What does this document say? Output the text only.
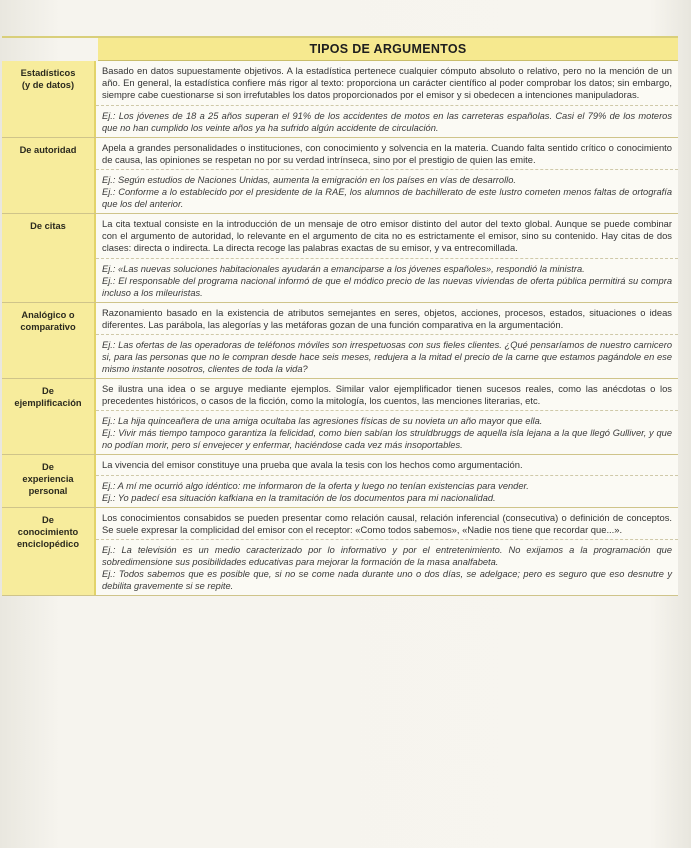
TIPOS DE ARGUMENTOS
Estadísticos
(y de datos)

Basado en datos supuestamente objetivos. A la estadística pertenece cualquier cómputo absoluto o relativo, pero no la mención de un año. En general, la estadística confiere más rigor al texto: proporciona un carácter científico al poder comprobar los datos; sin embargo, siempre cabe cuestionarse si son irrefutables los datos proporcionados por el emisor y si obedecen a intenciones manipuladoras.

Ej.: Los jóvenes de 18 a 25 años superan el 91% de los accidentes de motos en las carreteras españolas. Casi el 79% de los moteros que no han cumplido los veinte años ya ha sufrido algún accidente de circulación.

De autoridad	Apela a grandes personalidades o instituciones, con conocimiento y solvencia en la materia. Cuando falta sentido crítico o conocimiento de causa, las opiniones se respetan no por su verdad intrínseca, sino por el prestigio de quien las emite.

Ej.: Según estudios de Naciones Unidas, aumenta la emigración en los países en vías de desarrollo.

Ej.: Conforme a lo establecido por el presidente de la RAE, los alumnos de bachillerato de este lustro cometen menos faltas de ortografía que los del anterior.

De citas	La cita textual consiste en la introducción de un mensaje de otro emisor distinto del autor del texto global. Aunque se puede combinar con el argumento de autoridad, lo relevante en el argumento de cita no es estrictamente el emisor, sino su contenido. Hay citas de dos clases: directa o indirecta. La directa recoge las palabras exactas de su emisor, y va entrecomillada.

Ej.: «Las nuevas soluciones habitacionales ayudarán a emanciparse a los jóvenes españoles», respondió la ministra.

Ej.: El responsable del programa nacional informó de que el módico precio de las nuevas viviendas de oferta pública permitirá su compra incluso a los mileuristas.

Analógico o
comparativo

Razonamiento basado en la existencia de atributos semejantes en seres, objetos, acciones, procesos, estados, situaciones o ideas diferentes. Las parábola, las alegorías y las metáforas gozan de una función comparativa en la argumentación.

Ej.: Las ofertas de las operadoras de teléfonos móviles son irrespetuosas con sus fieles clientes. ¿Qué pensaríamos de nuestro carnicero si, para las personas que no le compran desde hace seis meses, redujera a la mitad el precio de la carne que estamos pagándole en ese mismo instante nosotros, clientes de toda la vida?

De
ejemplificación

Se ilustra una idea o se arguye mediante ejemplos. Similar valor ejemplificador tienen sucesos reales, como las anécdotas o los precedentes históricos, o casos de la ficción, como la mitología, los cuentos, las menciones literarias, etc.

Ej.: La hija quinceañera de una amiga ocultaba las agresiones físicas de su novieta un año mayor que ella.

Ej.: Vivir más tiempo tampoco garantiza la felicidad, como bien sabían los struldbruggs de aquella isla lejana a la que llegó Gulliver, y que no podían morir, pero sí envejecer y enfermar, haciéndose cada vez más insoportables.

De
experiencia
personal

La vivencia del emisor constituye una prueba que avala la tesis con los hechos como argumentación.

Ej.: A mí me ocurrió algo idéntico: me informaron de la oferta y luego no tenían existencias para vender.

Ej.: Yo padecí esa situación kafkiana en la tramitación de los documentos para mi nacionalidad.

De
conocimiento
enciclopédico

Los conocimientos consabidos se pueden presentar como relación causal, relación inferencial (consecutiva) o definición de conceptos. Se suele expresar la complicidad del emisor con el receptor: «Como todos sabemos», «Nadie nos tiene que recordar que...».

Ej.: La televisión es un medio caracterizado por lo informativo y por el entretenimiento. No exijamos a la programación que sobredimensione sus posibilidades educativas para mejorar la formación de la masa analfabeta.

Ej.: Todos sabemos que es posible que, si no se come nada durante uno o dos días, se adelgace; pero es seguro que eso desnutre y debilita gravemente si se repite.
